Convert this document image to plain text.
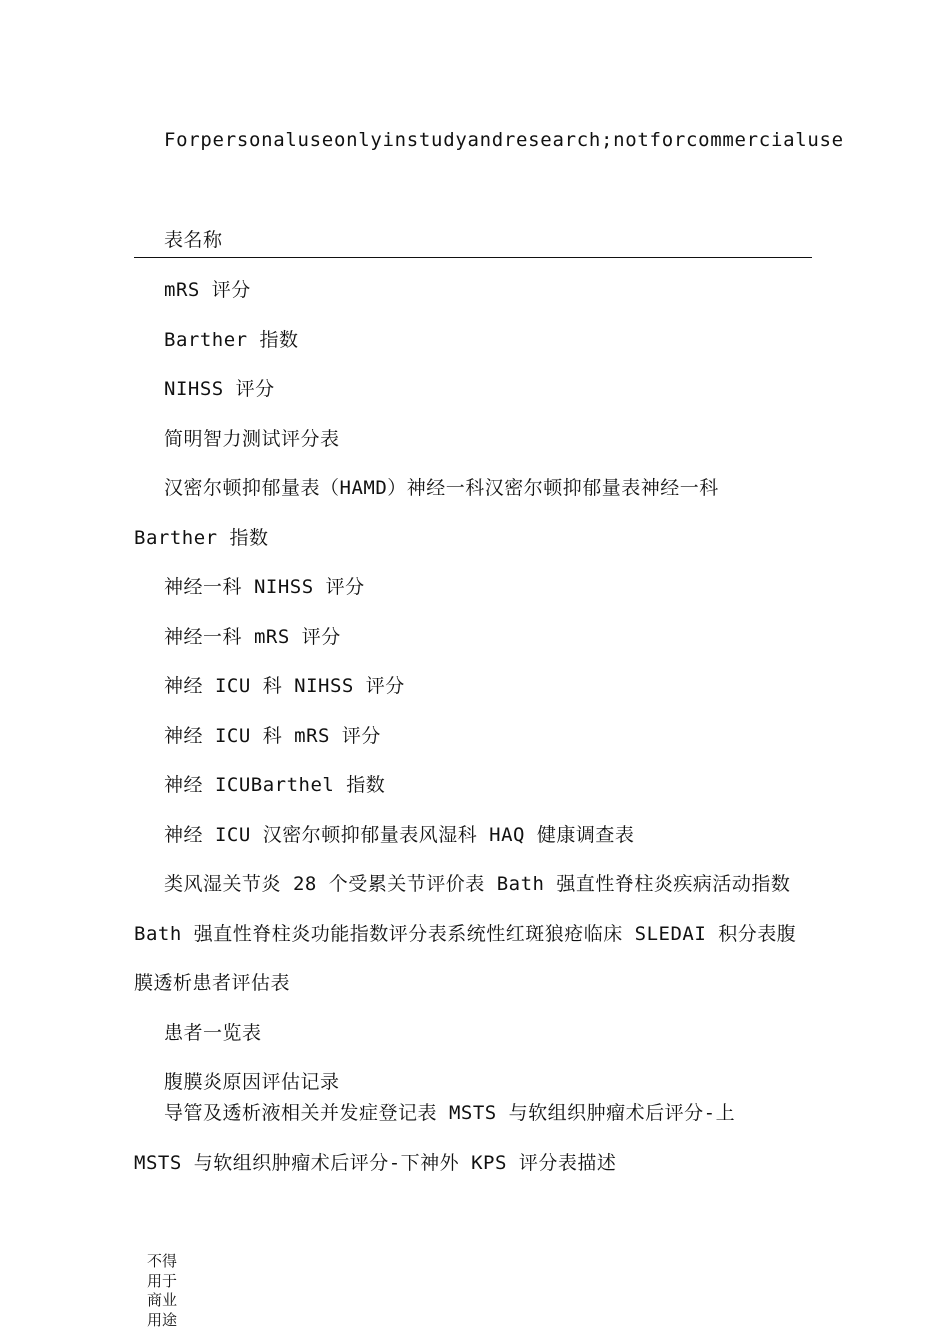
Forpersonaluseonlyinstudyandresearch;notforcommercialuse
表名称
mRS 评分
Barther 指数
NIHSS 评分
简明智力测试评分表
汉密尔顿抑郁量表（HAMD）神经一科汉密尔顿抑郁量表神经一科
Barther 指数
神经一科 NIHSS 评分
神经一科 mRS 评分
神经 ICU 科 NIHSS 评分
神经 ICU 科 mRS 评分
神经 ICUBarthel 指数
神经 ICU 汉密尔顿抑郁量表风湿科 HAQ 健康调查表
类风湿关节炎 28 个受累关节评价表 Bath 强直性脊柱炎疾病活动指数
Bath 强直性脊柱炎功能指数评分表系统性红斑狼疮临床 SLEDAI 积分表腹
膜透析患者评估表
患者一览表
腹膜炎原因评估记录
导管及透析液相关并发症登记表 MSTS 与软组织肿瘤术后评分-上
MSTS 与软组织肿瘤术后评分-下神外 KPS 评分表描述
不得用于商业用途
